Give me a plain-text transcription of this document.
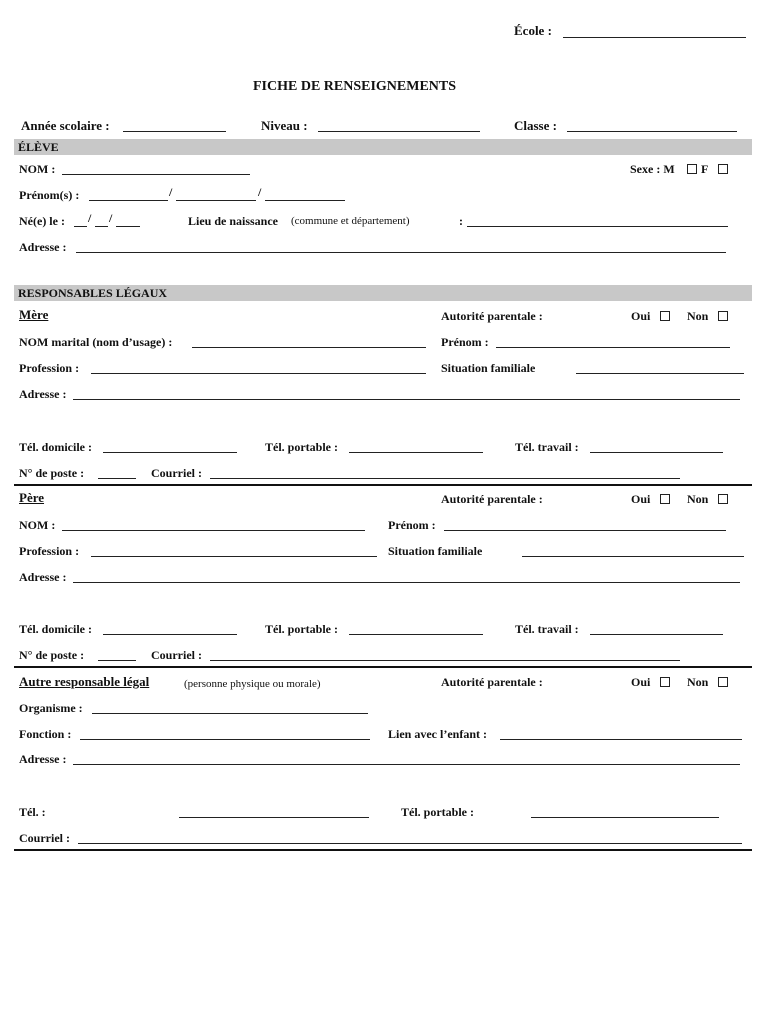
École :
FICHE DE RENSEIGNEMENTS
Année scolaire :	Niveau :	Classe :
ÉLÈVE
NOM :	Sexe : M F
Prénom(s) :	/	/
Né(e) le : / /	Lieu de naissance (commune et département)	:
Adresse :
RESPONSABLES LÉGAUX
Mère	Autorité parentale :	Oui	Non
NOM marital (nom d’usage) :	Prénom :
Profession :	Situation familiale
Adresse :
Tél. domicile :	Tél. portable :	Tél. travail :
N° de poste :	Courriel :
Père	Autorité parentale :	Oui	Non
NOM :	Prénom :
Profession :	Situation familiale
Adresse :
Tél. domicile :	Tél. portable :	Tél. travail :
N° de poste :	Courriel :
Autre responsable légal	(personne physique ou morale)	Autorité parentale :	Oui	Non
Organisme :
Fonction :	Lien avec l’enfant :
Adresse :
Tél. :	Tél. portable :
Courriel :
